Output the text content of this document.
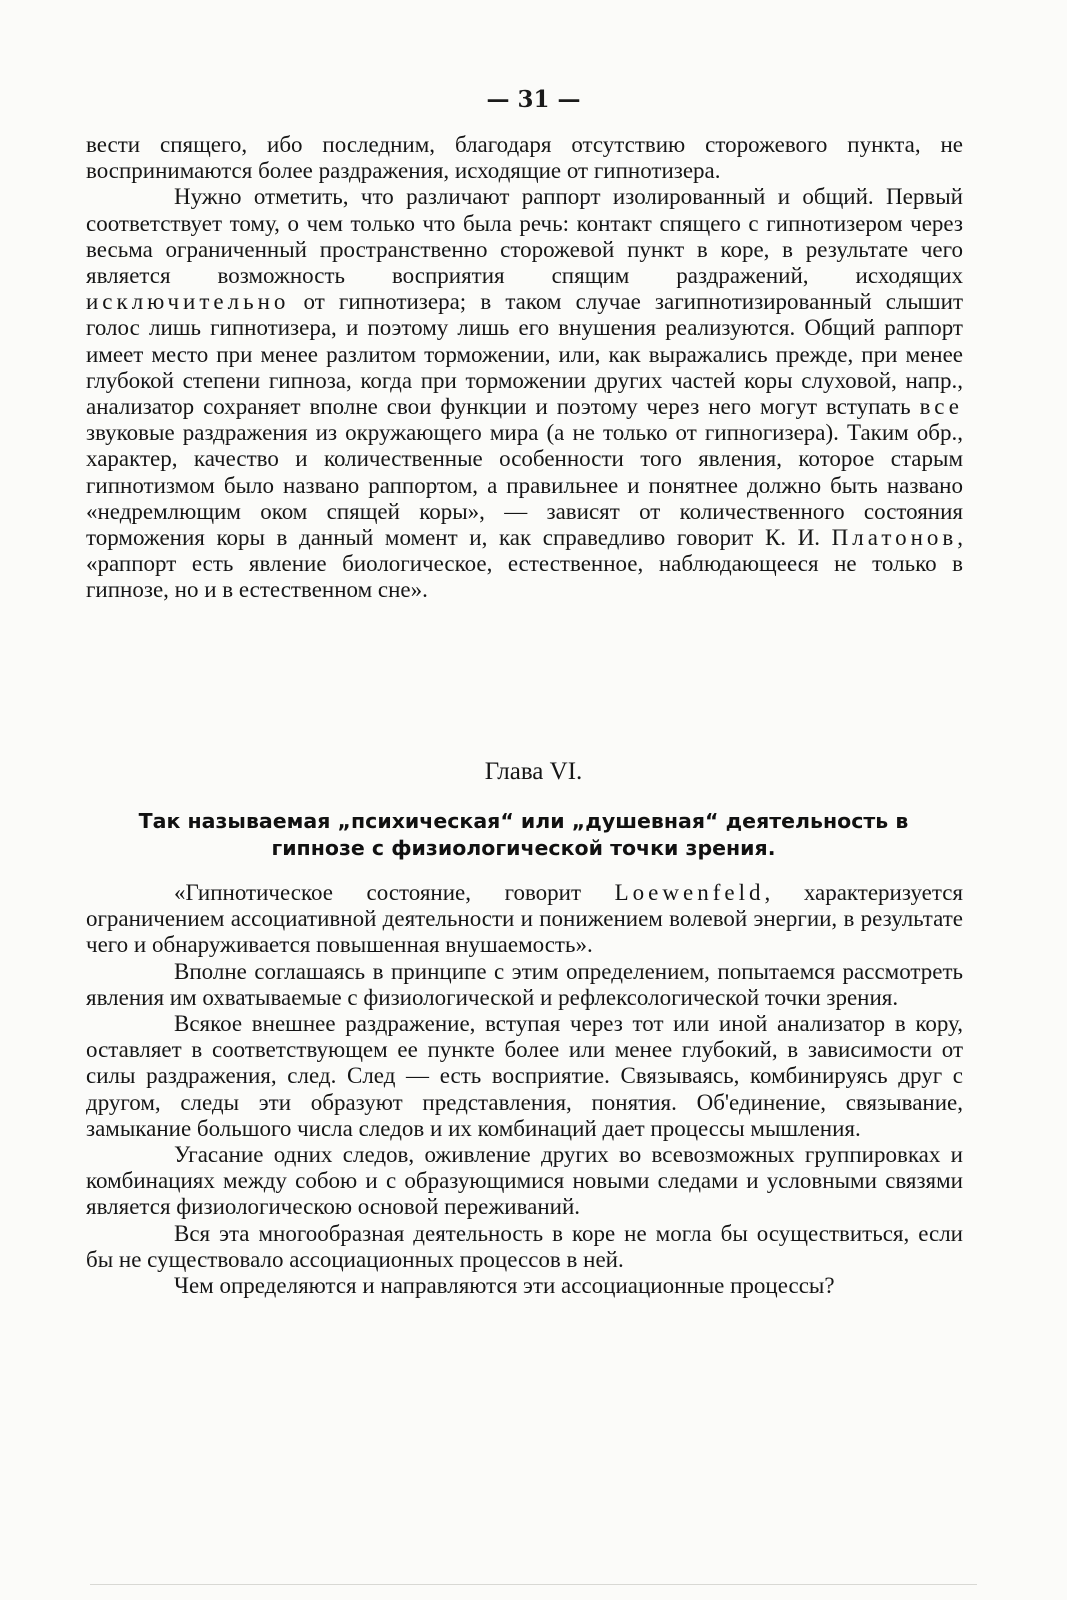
— 31 —

вести спящего, ибо последним, благодаря отсутствию сторожевого пункта, не воспринимаются более раздражения, исходящие от гипнотизера.

Нужно отметить, что различают раппорт изолированный и общий. Первый соответствует тому, о чем только что была речь: контакт спящего с гипнотизером через весьма ограниченный пространственно сторожевой пункт в коре, в результате чего является возможность восприятия спящим раздражений, исходящих исключительно от гипнотизера; в таком случае загипнотизированный слышит голос лишь гипнотизера, и поэтому лишь его внушения реализуются. Общий раппорт имеет место при менее разлитом торможении, или, как выражались прежде, при менее глубокой степени гипноза, когда при торможении других частей коры слуховой, напр., анализатор сохраняет вполне свои функции и поэтому через него могут вступать все звуковые раздражения из окружающего мира (а не только от гипногизера). Таким обр., характер, качество и количественные особенности того явления, которое старым гипнотизмом было названо раппортом, а правильнее и понятнее должно быть названо «недремлющим оком спящей коры», — зависят от количественного состояния торможения коры в данный момент и, как справедливо говорит К. И. Платонов, «раппорт есть явление биологическое, естественное, наблюдающееся не только в гипнозе, но и в естественном сне».

Глава VI.
Так называемая „психическая“ или „душевная“ деятельность в гипнозе с физиологической точки зрения.

«Гипнотическое состояние, говорит Loewenfeld, характеризуется ограничением ассоциативной деятельности и понижением волевой энергии, в результате чего и обнаруживается повышенная внушаемость».

Вполне соглашаясь в принципе с этим определением, попытаемся рассмотреть явления им охватываемые с физиологической и рефлексологической точки зрения.

Всякое внешнее раздражение, вступая через тот или иной анализатор в кору, оставляет в соответствующем ее пункте более или менее глубокий, в зависимости от силы раздражения, след. След — есть восприятие. Связываясь, комбинируясь друг с другом, следы эти образуют представления, понятия. Об'единение, связывание, замыкание большого числа следов и их комбинаций дает процессы мышления.

Угасание одних следов, оживление других во всевозможных группировках и комбинациях между собою и с образующимися новыми следами и условными связями является физиологическою основой переживаний.

Вся эта многообразная деятельность в коре не могла бы осуществиться, если бы не существовало ассоциационных процессов в ней.

Чем определяются и направляются эти ассоциационные процессы?
